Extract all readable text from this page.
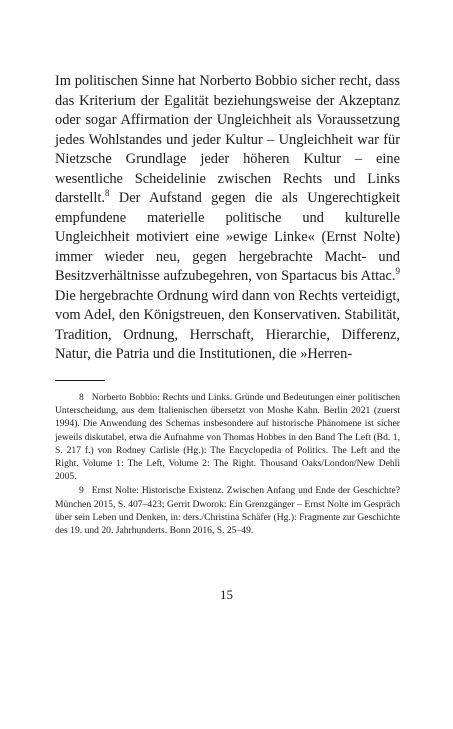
Im politischen Sinne hat Norberto Bobbio sicher recht, dass das Kriterium der Egalität beziehungsweise der Akzeptanz oder sogar Affirmation der Ungleichheit als Voraussetzung jedes Wohlstandes und jeder Kultur – Ungleichheit war für Nietzsche Grundlage jeder höheren Kultur – eine wesentliche Scheidelinie zwischen Rechts und Links darstellt.$^8$ Der Aufstand gegen die als Ungerechtigkeit empfundene materielle politische und kulturelle Ungleichheit motiviert eine »ewige Linke« (Ernst Nolte) immer wieder neu, gegen hergebrachte Macht- und Besitzverhältnisse aufzubegehren, von Spartacus bis Attac.$^9$ Die hergebrachte Ordnung wird dann von Rechts verteidigt, vom Adel, den Königstreuen, den Konservativen. Stabilität, Tradition, Ordnung, Herrschaft, Hierarchie, Differenz, Natur, die Patria und die Institutionen, die »Herren-

8 Norberto Bobbio: Rechts und Links. Gründe und Bedeutungen einer politischen Unterscheidung, aus dem Italienischen übersetzt von Moshe Kahn. Berlin 2021 (zuerst 1994). Die Anwendung des Schemas insbesondere auf historische Phänomene ist sicher jeweils diskutabel, etwa die Aufnahme von Thomas Hobbes in den Band The Left (Bd. 1, S. 217 f.) von Rodney Carlisle (Hg.): The Encyclopedia of Politics. The Left and the Right. Volume 1: The Left, Volume 2: The Right. Thousand Oaks/London/New Dehli 2005.

9 Ernst Nolte: Historische Existenz. Zwischen Anfang und Ende der Geschichte? München 2015, S. 407–423; Gerrit Dworok: Ein Grenzgänger – Ernst Nolte im Gespräch über sein Leben und Denken, in: ders./Christina Schäfer (Hg.): Fragmente zur Geschichte des 19. und 20. Jahrhunderts. Bonn 2016, S. 25–49.

15
